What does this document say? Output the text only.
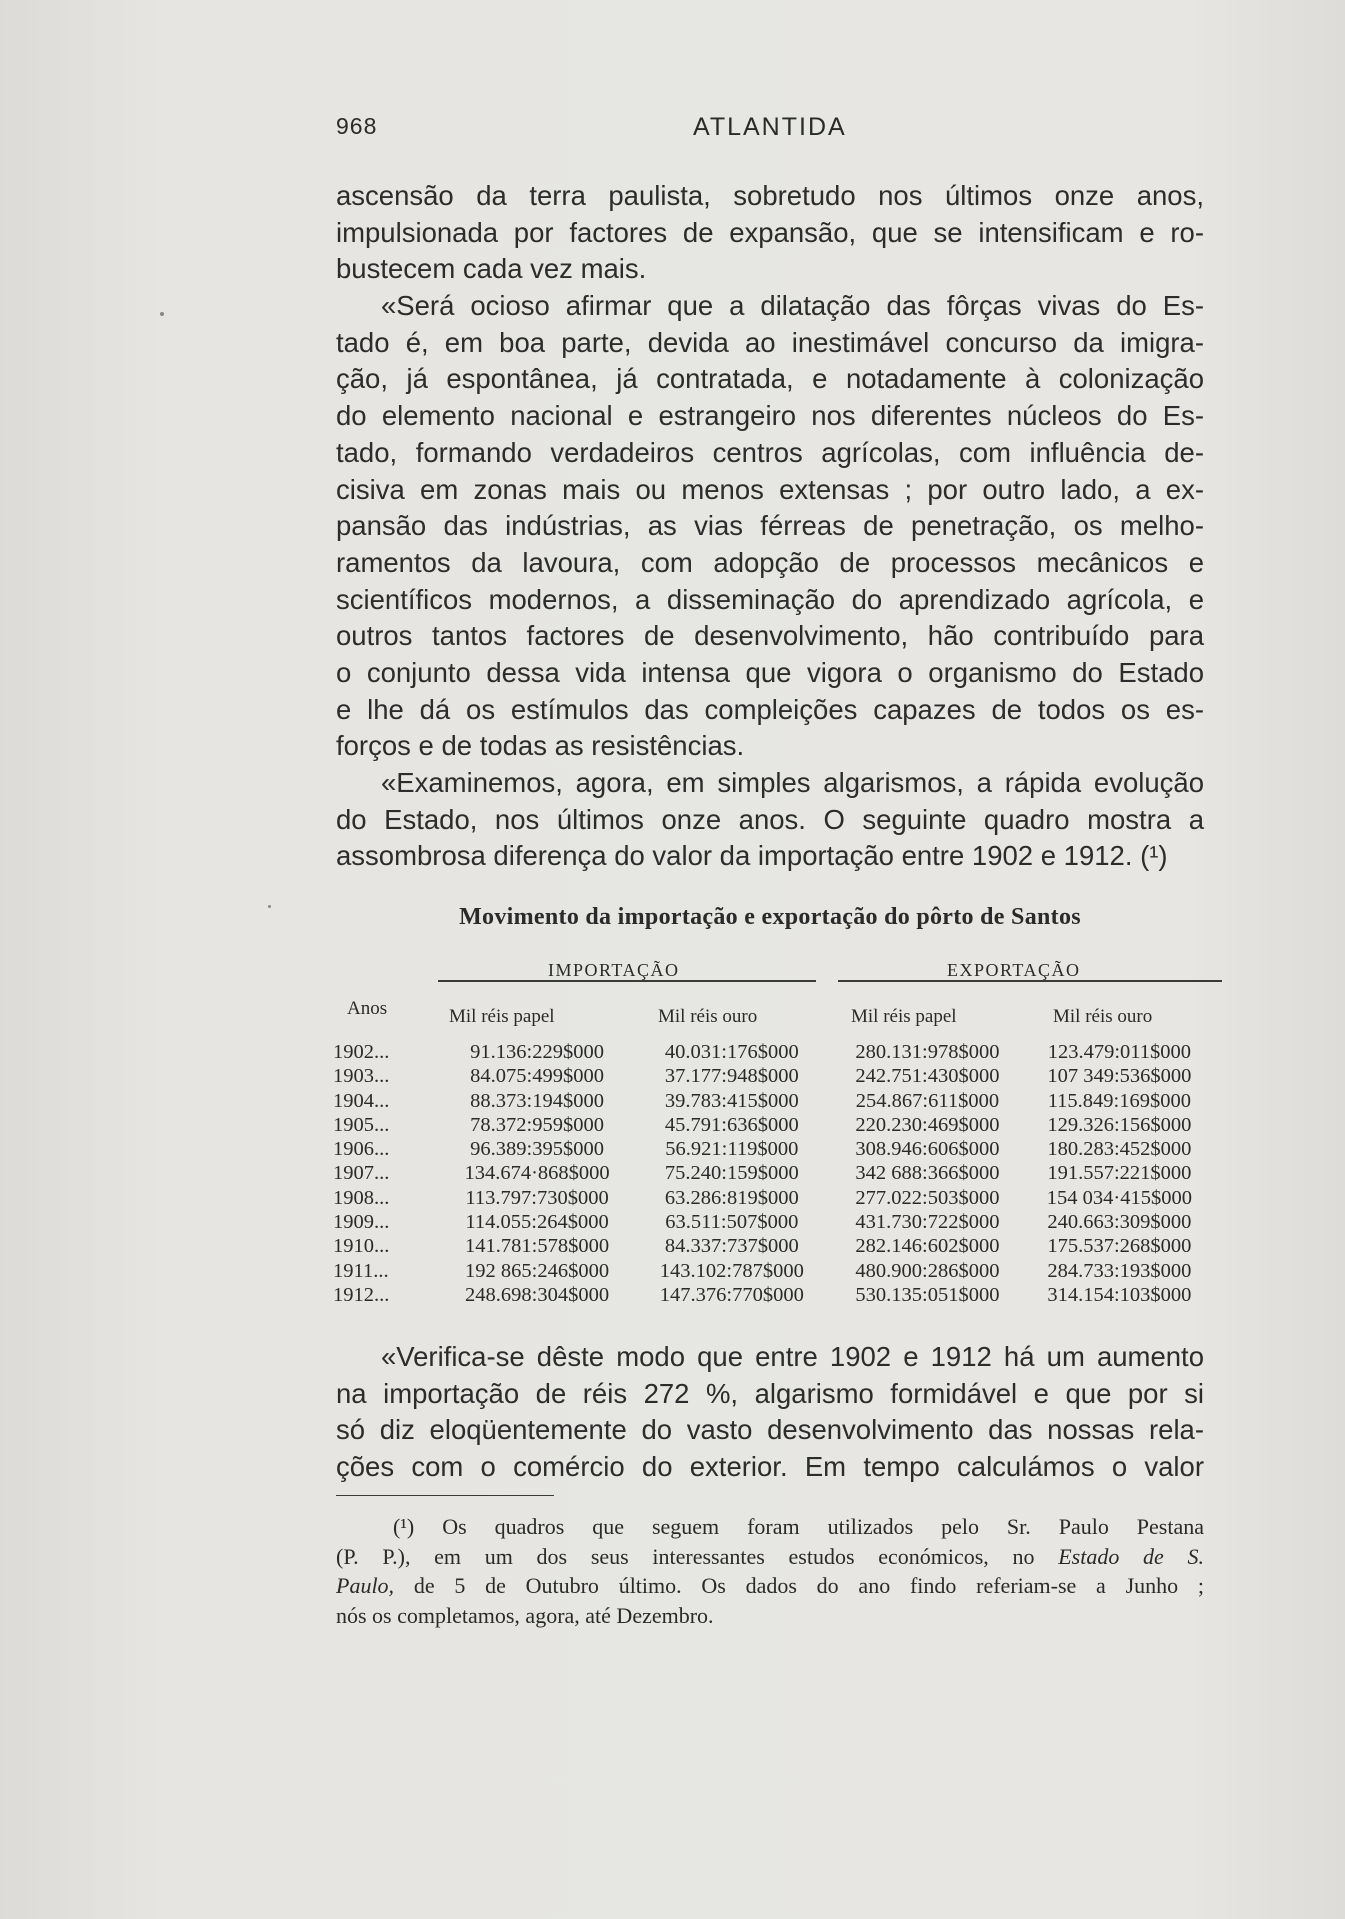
968	ATLANTIDA
ascensão da terra paulista, sobretudo nos últimos onze anos,
impulsionada por factores de expansão, que se intensificam e ro-
bustecem cada vez mais.
«Será ocioso afirmar que a dilatação das fôrças vivas do Es-
tado é, em boa parte, devida ao inestimável concurso da imigra-
ção, já espontânea, já contratada, e notadamente à colonização
do elemento nacional e estrangeiro nos diferentes núcleos do Es-
tado, formando verdadeiros centros agrícolas, com influência de-
cisiva em zonas mais ou menos extensas ; por outro lado, a ex-
pansão das indústrias, as vias férreas de penetração, os melho-
ramentos da lavoura, com adopção de processos mecânicos e
scientíficos modernos, a disseminação do aprendizado agrícola, e
outros tantos factores de desenvolvimento, hão contribuído para
o conjunto dessa vida intensa que vigora o organismo do Estado
e lhe dá os estímulos das compleições capazes de todos os es-
forços e de todas as resistências.
«Examinemos, agora, em simples algarismos, a rápida evolução
do Estado, nos últimos onze anos. O seguinte quadro mostra a
assombrosa diferença do valor da importação entre 1902 e 1912. (¹)
Movimento da importação e exportação do pôrto de Santos
IMPORTAÇÃO	EXPORTAÇÃO
Anos	Mil réis papel	Mil réis ouro	Mil réis papel	Mil réis ouro
1902...	91.136:229$000	40.031:176$000	280.131:978$000	123.479:011$000
1903...	84.075:499$000	37.177:948$000	242.751:430$000	107 349:536$000
1904...	88.373:194$000	39.783:415$000	254.867:611$000	115.849:169$000
1905...	78.372:959$000	45.791:636$000	220.230:469$000	129.326:156$000
1906...	96.389:395$000	56.921:119$000	308.946:606$000	180.283:452$000
1907...	134.674·868$000	75.240:159$000	342 688:366$000	191.557:221$000
1908...	113.797:730$000	63.286:819$000	277.022:503$000	154 034·415$000
1909...	114.055:264$000	63.511:507$000	431.730:722$000	240.663:309$000
1910...	141.781:578$000	84.337:737$000	282.146:602$000	175.537:268$000
1911...	192 865:246$000	143.102:787$000	480.900:286$000	284.733:193$000
1912...	248.698:304$000	147.376:770$000	530.135:051$000	314.154:103$000
«Verifica-se dêste modo que entre 1902 e 1912 há um aumento
na importação de réis 272 %, algarismo formidável e que por si
só diz eloqüentemente do vasto desenvolvimento das nossas rela-
ções com o comércio do exterior. Em tempo calculámos o valor
(¹) Os quadros que seguem foram utilizados pelo Sr. Paulo Pestana
(P. P.), em um dos seus interessantes estudos económicos, no Estado de S.
Paulo, de 5 de Outubro último. Os dados do ano findo referiam-se a Junho ;
nós os completamos, agora, até Dezembro.
